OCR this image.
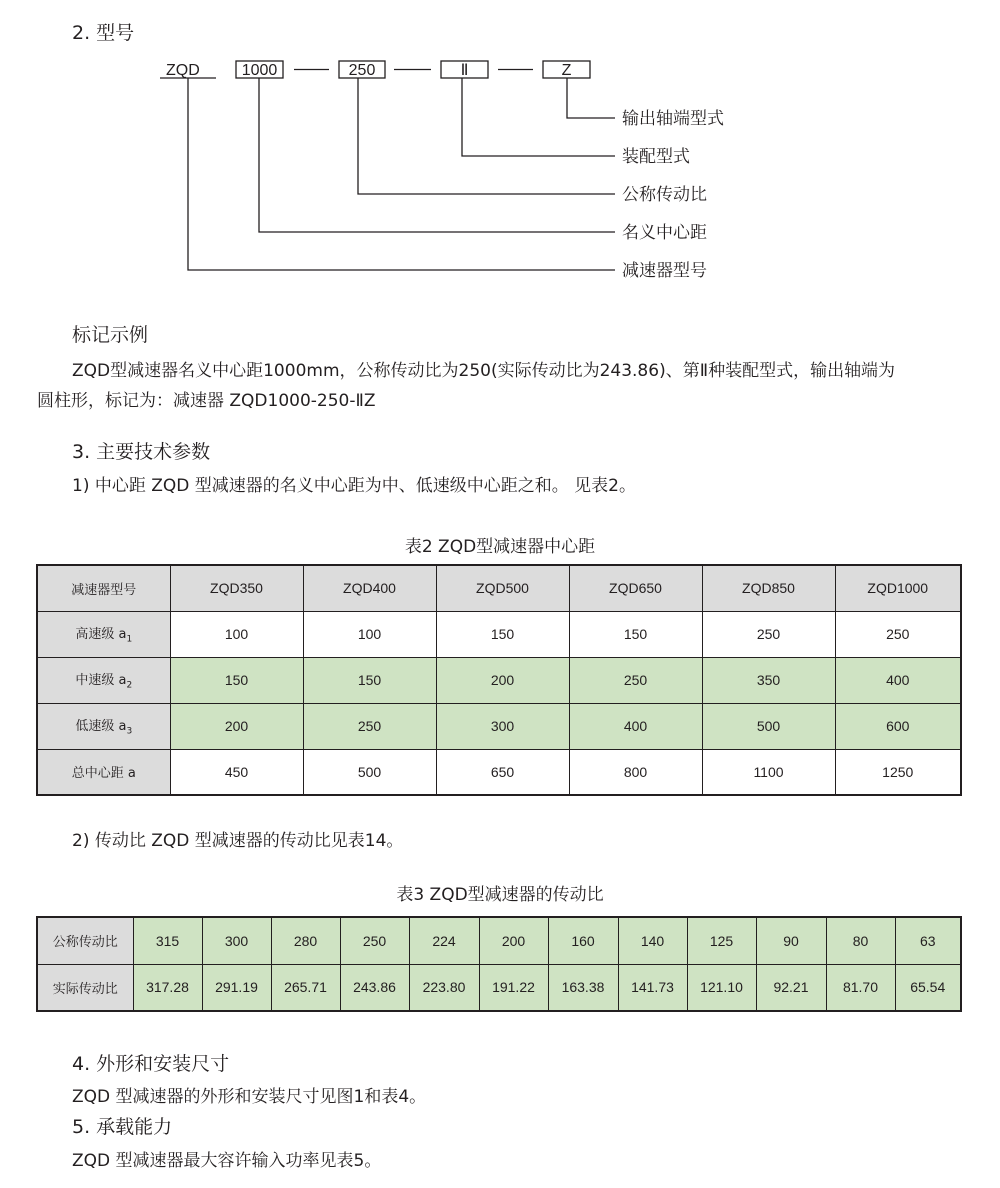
2. 型号
ZQD	1000	250	Ⅱ	Z
输出轴端型式
装配型式
公称传动比
名义中心距
减速器型号
标记示例
ZQD型减速器名义中心距1000mm，公称传动比为250(实际传动比为243.86)、第Ⅱ种装配型式，输出轴端为
圆柱形，标记为：减速器 ZQD1000-250-ⅡZ
3. 主要技术参数
1) 中心距 ZQD 型减速器的名义中心距为中、低速级中心距之和。 见表2。
表2 ZQD型减速器中心距
减速器型号	ZQD350	ZQD400	ZQD500	ZQD650	ZQD850	ZQD1000
高速级 $a_1$	100	100	150	150	250	250
中速级 $a_2$	150	150	200	250	350	400
低速级 $a_3$	200	250	300	400	500	600
总中心距 a	450	500	650	800	1100	1250
2) 传动比 ZQD 型减速器的传动比见表14。
表3 ZQD型减速器的传动比
公称传动比	315	300	280	250	224	200	160	140	125	90	80	63
实际传动比	317.28	291.19	265.71	243.86	223.80	191.22	163.38	141.73	121.10	92.21	81.70	65.54
4. 外形和安装尺寸
ZQD 型减速器的外形和安装尺寸见图1和表4。
5. 承载能力
ZQD 型减速器最大容许输入功率见表5。
